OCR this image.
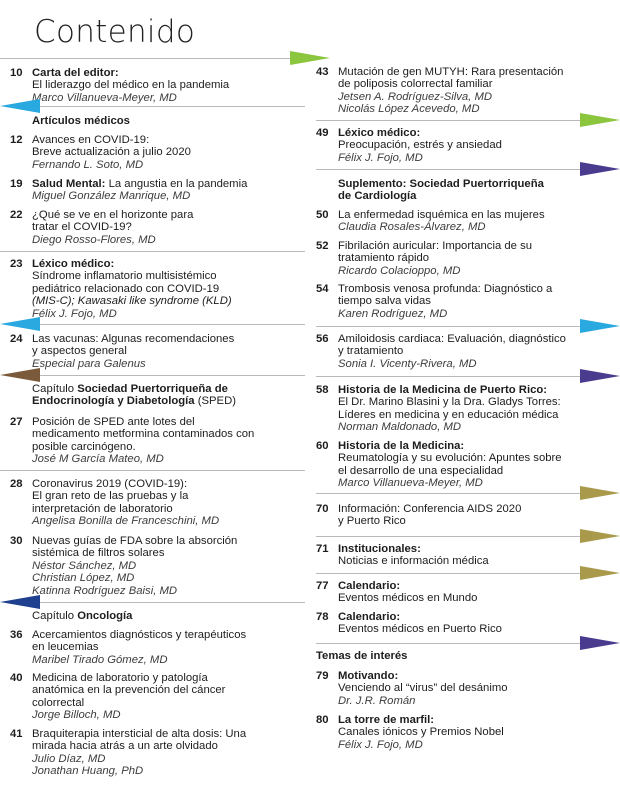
Contenido
10 Carta del editor:
El liderazgo del médico en la pandemia
Marco Villanueva-Meyer, MD
Artículos médicos
12 Avances en COVID-19:
Breve actualización a julio 2020
Fernando L. Soto, MD
19 Salud Mental: La angustia en la pandemia
Miguel González Manrique, MD
22 ¿Qué se ve en el horizonte para
tratar el COVID-19?
Diego Rosso-Flores, MD
23 Léxico médico:
Síndrome inflamatorio multisistémico
pediátrico relacionado con COVID-19
(MIS-C); Kawasaki like syndrome (KLD)
Félix J. Fojo, MD
24 Las vacunas: Algunas recomendaciones
y aspectos general
Especial para Galenus
Capítulo Sociedad Puertorriqueña de
Endocrinología y Diabetología (SPED)
27 Posición de SPED ante lotes del
medicamento metformina contaminados con
posible carcinógeno.
José M García Mateo, MD
28 Coronavirus 2019 (COVID-19):
El gran reto de las pruebas y la
interpretación de laboratorio
Angelisa Bonilla de Franceschini, MD
30 Nuevas guías de FDA sobre la absorción
sistémica de filtros solares
Néstor Sánchez, MD
Christian López, MD
Katinna Rodríguez Baisi, MD
Capítulo Oncología
36 Acercamientos diagnósticos y terapéuticos
en leucemias
Maribel Tirado Gómez, MD
40 Medicina de laboratorio y patología
anatómica en la prevención del cáncer
colorrectal
Jorge Billoch, MD
41 Braquiterapia intersticial de alta dosis: Una
mirada hacia atrás a un arte olvidado
Julio Díaz, MD
Jonathan Huang, PhD
43 Mutación de gen MUTYH: Rara presentación
de poliposis colorrectal familiar
Jetsen A. Rodríguez-Silva, MD
Nicolás López Acevedo, MD
49 Léxico médico:
Preocupación, estrés y ansiedad
Félix J. Fojo, MD
Suplemento: Sociedad Puertorriqueña
de Cardiología
50 La enfermedad isquémica en las mujeres
Claudia Rosales-Álvarez, MD
52 Fibrilación auricular: Importancia de su
tratamiento rápido
Ricardo Colacioppo, MD
54 Trombosis venosa profunda: Diagnóstico a
tiempo salva vidas
Karen Rodríguez, MD
56 Amiloidosis cardiaca: Evaluación, diagnóstico
y tratamiento
Sonia I. Vicenty-Rivera, MD
58 Historia de la Medicina de Puerto Rico:
El Dr. Marino Blasini y la Dra. Gladys Torres:
Líderes en medicina y en educación médica
Norman Maldonado, MD
60 Historia de la Medicina:
Reumatología y su evolución: Apuntes sobre
el desarrollo de una especialidad
Marco Villanueva-Meyer, MD
70 Información: Conferencia AIDS 2020
y Puerto Rico
71 Institucionales:
Noticias e información médica
77 Calendario:
Eventos médicos en Mundo
78 Calendario:
Eventos médicos en Puerto Rico
Temas de interés
79 Motivando:
Venciendo al “virus” del desánimo
Dr. J.R. Román
80 La torre de marfil:
Canales iónicos y Premios Nobel
Félix J. Fojo, MD
